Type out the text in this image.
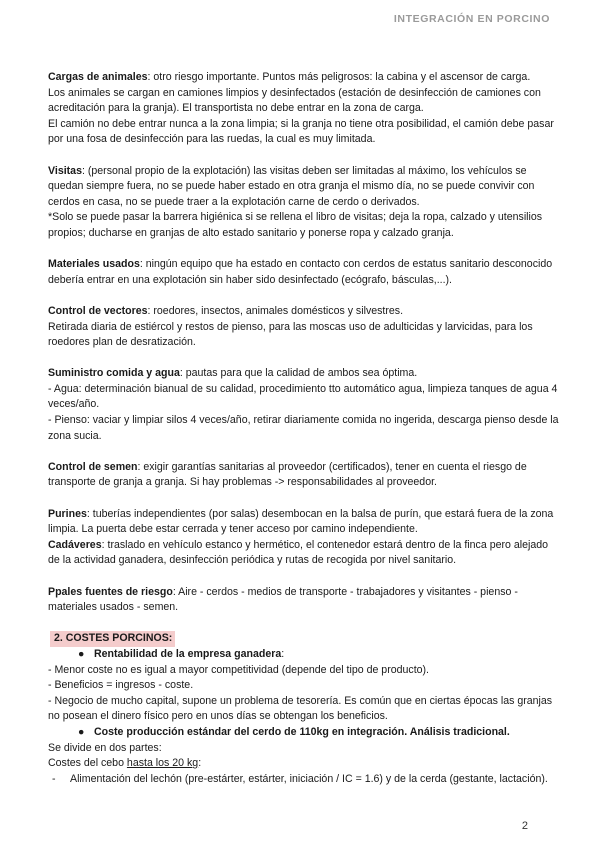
INTEGRACIÓN EN PORCINO

Cargas de animales: otro riesgo importante. Puntos más peligrosos: la cabina y el ascensor de carga.

Los animales se cargan en camiones limpios y desinfectados (estación de desinfección de camiones con acreditación para la granja). El transportista no debe entrar en la zona de carga.

El camión no debe entrar nunca a la zona limpia; si la granja no tiene otra posibilidad, el camión debe pasar por una fosa de desinfección para las ruedas, la cual es muy limitada.

Visitas: (personal propio de la explotación) las visitas deben ser limitadas al máximo, los vehículos se quedan siempre fuera, no se puede haber estado en otra granja el mismo día, no se puede convivir con cerdos en casa, no se puede traer a la explotación carne de cerdo o derivados.

*Solo se puede pasar la barrera higiénica si se rellena el libro de visitas; deja la ropa, calzado y utensilios propios; ducharse en granjas de alto estado sanitario y ponerse ropa y calzado granja.

Materiales usados: ningún equipo que ha estado en contacto con cerdos de estatus sanitario desconocido debería entrar en una explotación sin haber sido desinfectado (ecógrafo, básculas,...).

Control de vectores: roedores, insectos, animales domésticos y silvestres.

Retirada diaria de estiércol y restos de pienso, para las moscas uso de adulticidas y larvicidas, para los roedores plan de desratización.

Suministro comida y agua: pautas para que la calidad de ambos sea óptima.

- Agua: determinación bianual de su calidad, procedimiento tto automático agua, limpieza tanques de agua 4 veces/año.

- Pienso: vaciar y limpiar silos 4 veces/año, retirar diariamente comida no ingerida, descarga pienso desde la zona sucia.

Control de semen: exigir garantías sanitarias al proveedor (certificados), tener en cuenta el riesgo de transporte de granja a granja. Si hay problemas -> responsabilidades al proveedor.

Purines: tuberías independientes (por salas) desembocan en la balsa de purín, que estará fuera de la zona limpia. La puerta debe estar cerrada y tener acceso por camino independiente.

Cadáveres: traslado en vehículo estanco y hermético, el contenedor estará dentro de la finca pero alejado de la actividad ganadera, desinfección periódica y rutas de recogida por nivel sanitario.

Ppales fuentes de riesgo: Aire - cerdos - medios de transporte - trabajadores y visitantes - pienso - materiales usados - semen.

2. COSTES PORCINOS:

● Rentabilidad de la empresa ganadera:

- Menor coste no es igual a mayor competitividad (depende del tipo de producto).

- Beneficios = ingresos - coste.

- Negocio de mucho capital, supone un problema de tesorería. Es común que en ciertas épocas las granjas no posean el dinero físico pero en unos días se obtengan los beneficios.

● Coste producción estándar del cerdo de 110kg en integración. Análisis tradicional.

Se divide en dos partes:

Costes del cebo hasta los 20 kg:

-	Alimentación del lechón (pre-estárter, estárter, iniciación / IC = 1.6) y de la cerda (gestante, lactación).
2
